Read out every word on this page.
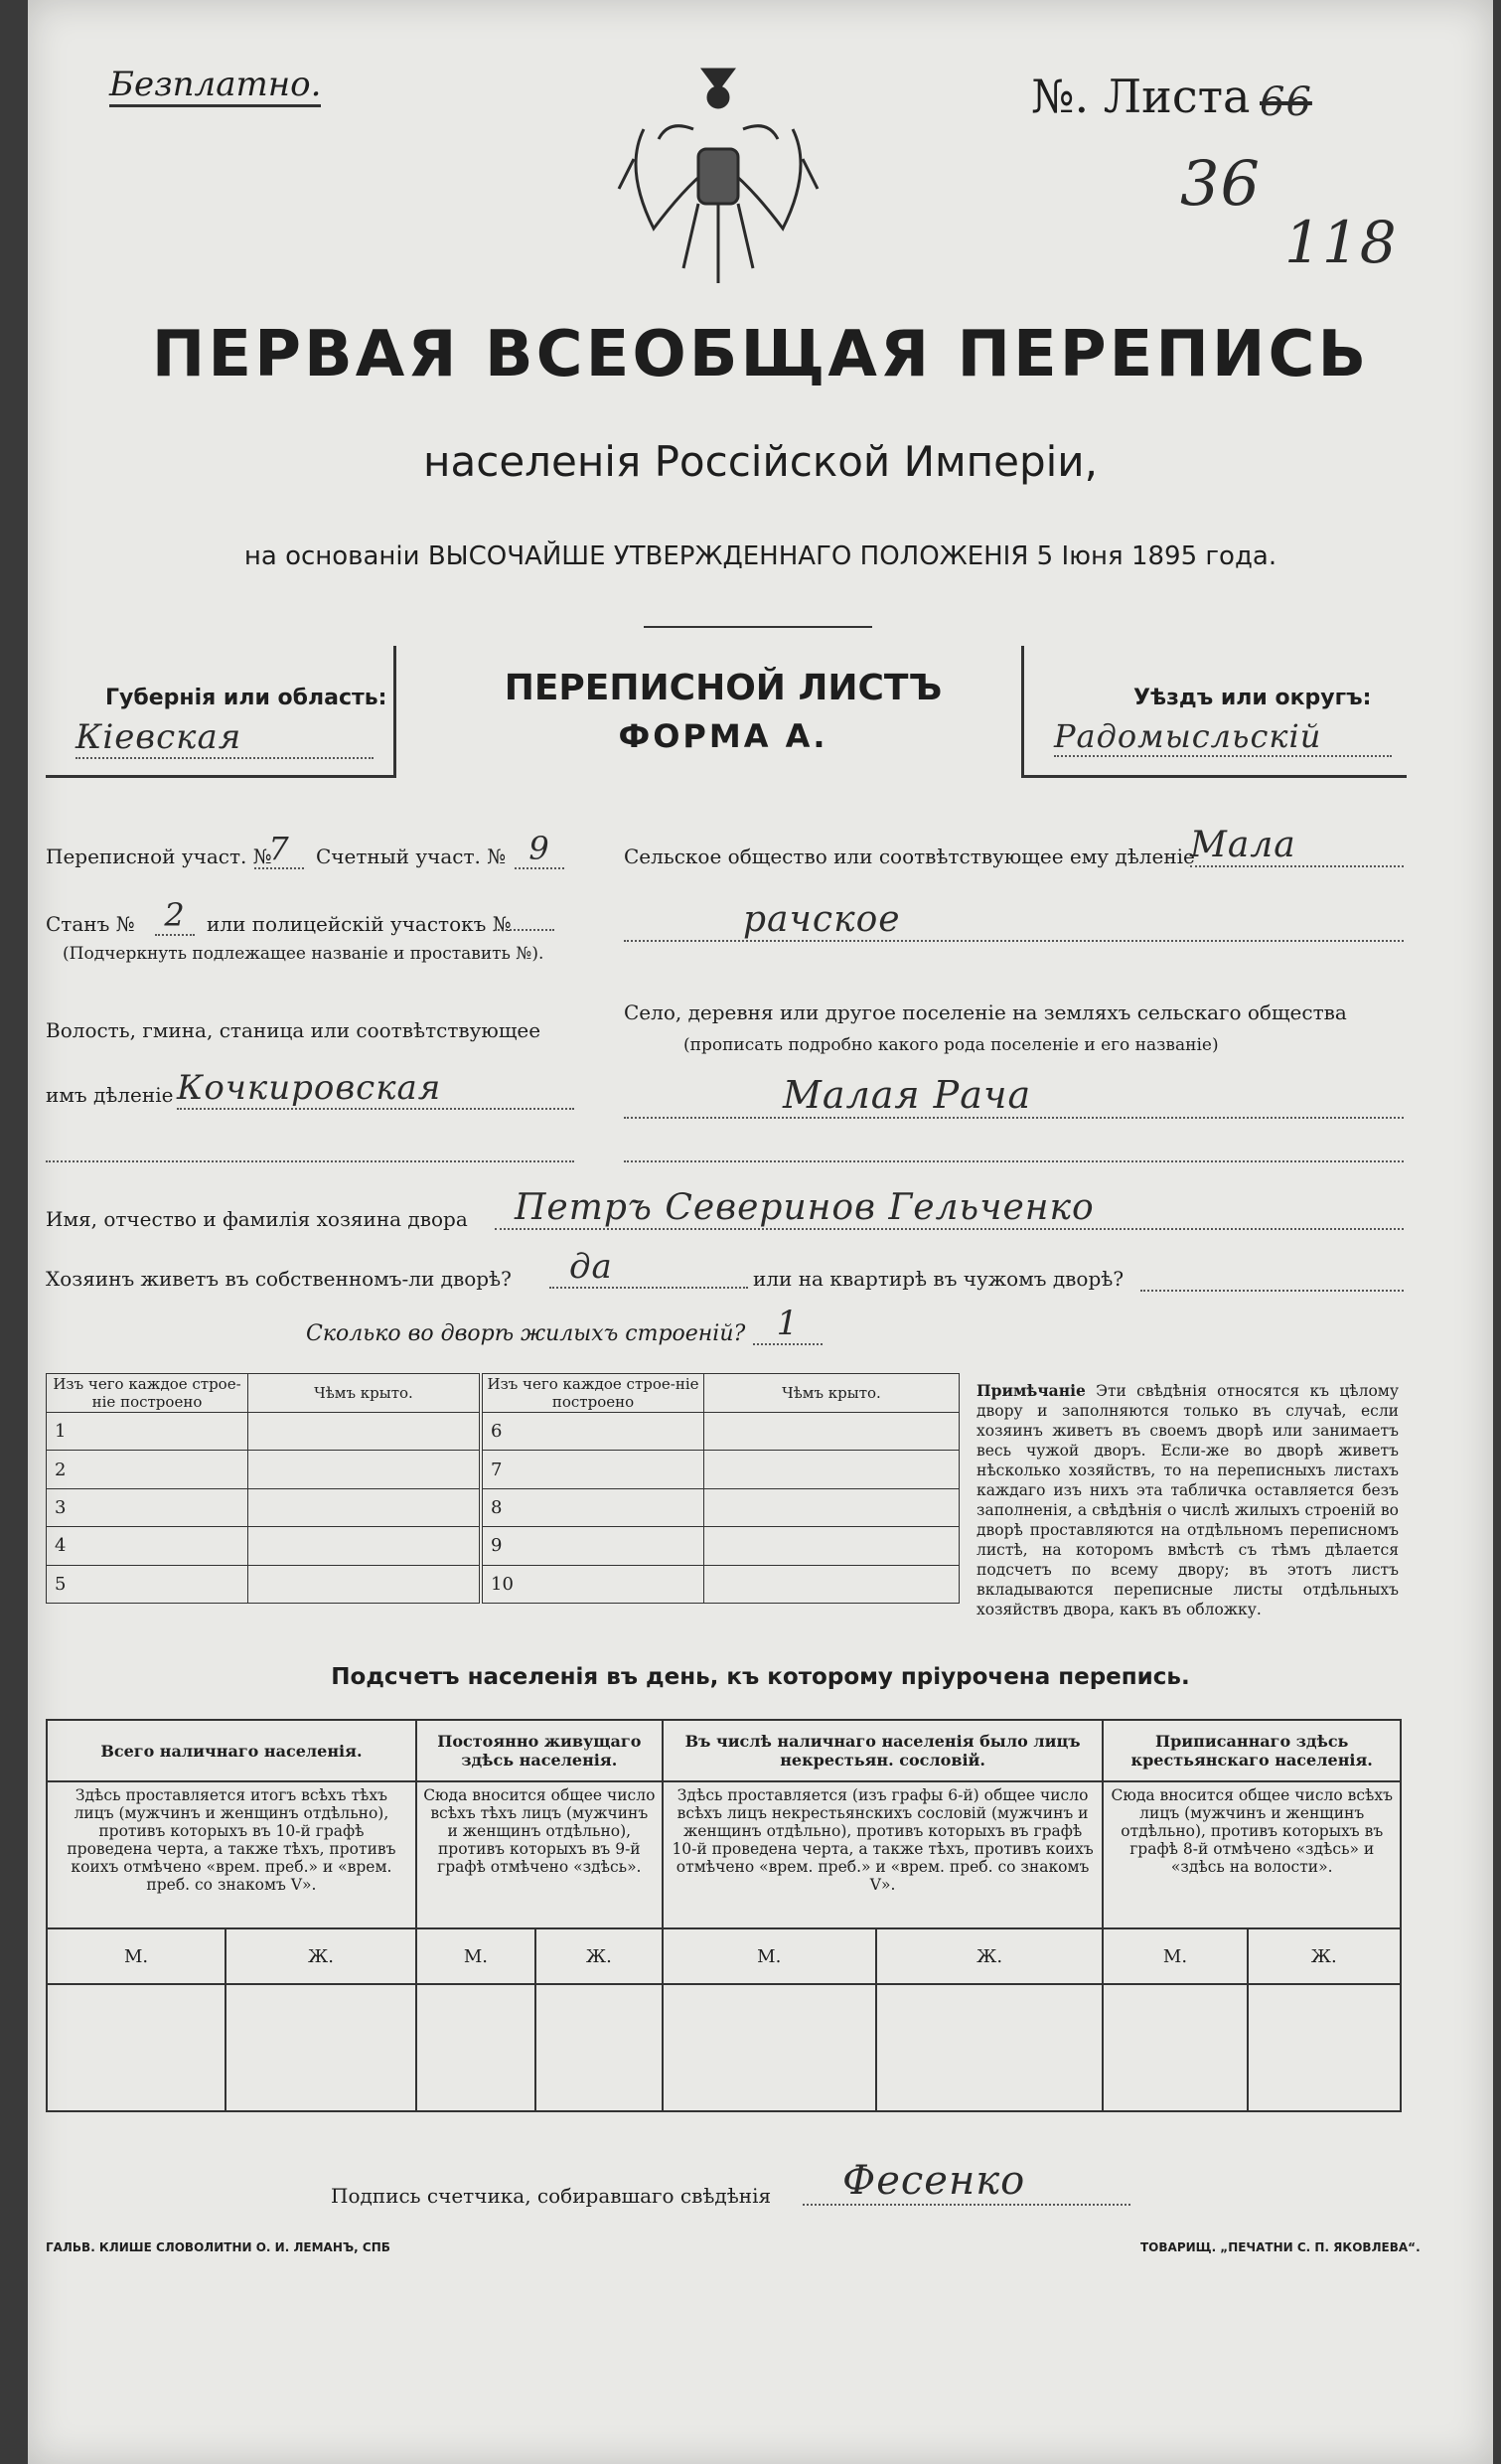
Безплатно.	№. Листа 66
36
118
ПЕРВАЯ ВСЕОБЩАЯ ПЕРЕПИСЬ
населенія Россійской Имперіи,
на основаніи ВЫСОЧАЙШЕ УТВЕРЖДЕННАГО ПОЛОЖЕНІЯ 5 Іюня 1895 года.
Губернія или область:
Кіевская
ПЕРЕПИСНОЙ ЛИСТЪ
ФОРМА А.
Уѣздъ или округъ:
Радомысльскій
Переписной участ. №
7	Счетный участ. № 9
Станъ № 2	или полицейскій участокъ №
(Подчеркнуть подлежащее названіе и проставить №).
Волость, гмина, станица или соотвѣтствующее
имъ дѣленіе Кочкировская
Сельское общество или соотвѣтствующее ему дѣленіе
Мала
рачское
Село, деревня или другое поселеніе на земляхъ сельскаго общества
(прописать подробно какого рода поселеніе и его названіе)
Малая Рача
Имя, отчество и фамилія хозяина двора	Петръ Северинов Гельченко
Хозяинъ живетъ въ собственномъ-ли дворѣ?	да	или на квартирѣ въ чужомъ дворѣ?
Сколько во дворѣ жилыхъ строеній? 1
Изъ чего каждое строе-ніе построено	Чѣмъ крыто.	Изъ чего каждое строе-ніе построено	Чѣмъ крыто.
1		6	
2		7	
3		8	
4		9	
5		10	
Примѣчаніе Эти свѣдѣнія относятся къ цѣлому двору и заполняются только въ случаѣ, если хозяинъ живетъ въ своемъ дворѣ или занимаетъ весь чужой дворъ. Если-же во дворѣ живетъ нѣсколько хозяйствъ, то на переписныхъ листахъ каждаго изъ нихъ эта табличка оставляется безъ заполненія, а свѣдѣнія о числѣ жилыхъ строеній во дворѣ проставляются на отдѣльномъ переписномъ листѣ, на которомъ вмѣстѣ съ тѣмъ дѣлается подсчетъ по всему двору; въ этотъ листъ вкладываются переписные листы отдѣльныхъ хозяйствъ двора, какъ въ обложку.
Подсчетъ населенія въ день, къ которому пріурочена перепись.
Всего наличнаго населенія.		Постоянно живущаго здѣсь населенія.		Въ числѣ наличнаго населенія было лицъ некрестьян. сословій.		Приписаннаго здѣсь крестьянскаго населенія.	
Здѣсь проставляется итогъ всѣхъ тѣхъ лицъ (мужчинъ и женщинъ отдѣльно), противъ которыхъ въ 10-й графѣ проведена черта, а также тѣхъ, противъ коихъ отмѣчено «врем. преб.» и «врем. преб. со знакомъ V».		Сюда вносится общее число всѣхъ тѣхъ лицъ (мужчинъ и женщинъ отдѣльно), противъ которыхъ въ 9-й графѣ отмѣчено «здѣсь».		Здѣсь проставляется (изъ графы 6-й) общее число всѣхъ лицъ некрестьянскихъ сословій (мужчинъ и женщинъ отдѣльно), противъ которыхъ въ графѣ 10-й проведена черта, а также тѣхъ, противъ коихъ отмѣчено «врем. преб.» и «врем. преб. со знакомъ V».		Сюда вносится общее число всѣхъ лицъ (мужчинъ и женщинъ отдѣльно), противъ которыхъ въ графѣ 8-й отмѣчено «здѣсь» и «здѣсь на волости».	
М.	Ж.	М.	Ж.	М.	Ж.	М.	Ж.

Подпись счетчика, собиравшаго свѣдѣнія	Фесенко
ГАЛЬВ. КЛИШЕ СЛОВОЛИТНИ О. И. ЛЕМАНЪ, СПБ	ТОВАРИЩ. „ПЕЧАТНИ С. П. ЯКОВЛЕВА“.
